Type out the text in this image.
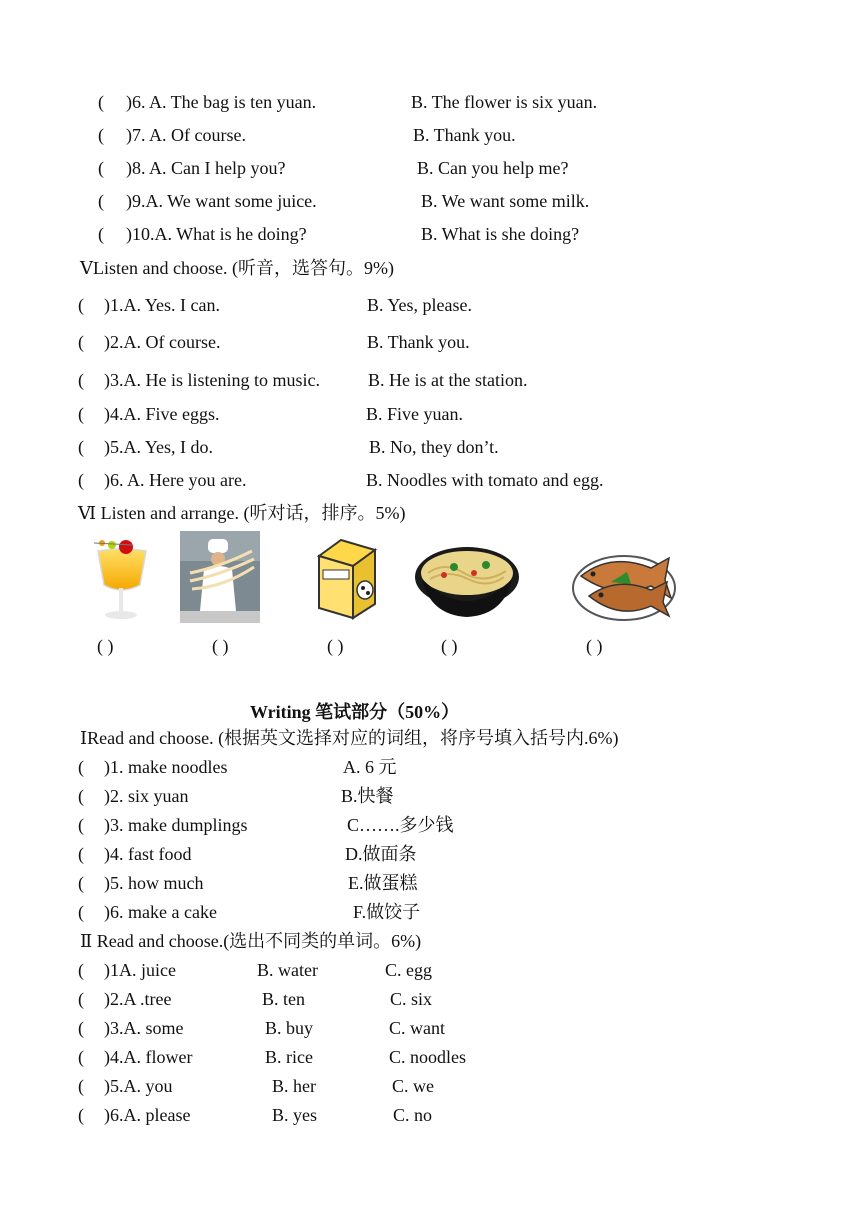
( )6. A. The bag is ten yuan.	B. The flower is six yuan.
( )7. A. Of course.	B. Thank you.
( )8. A. Can I help you?	B. Can you help me?
( )9.A. We want some juice.	B. We want some milk.
( )10.A. What is he doing?	B. What is she doing?
ⅤListen and choose. (听音，选答句。9%)
( )1.A. Yes. I can.	B. Yes, please.
( )2.A. Of course.	B. Thank you.
( )3.A. He is listening to music.	B. He is at the station.
( )4.A. Five eggs.	B. Five yuan.
( )5.A. Yes, I do.	B. No, they don’t.
( )6. A. Here you are.	B. Noodles with tomato and egg.
Ⅵ Listen and arrange. (听对话，排序。5%)
( )	( )	( )	( )	( )
Writing 笔试部分（50%）
ⅠRead and choose. (根据英文选择对应的词组，将序号填入括号内.6%)
( )1. make noodles	A. 6 元
( )2. six yuan	B.快餐
( )3. make dumplings	C…….多少钱
( )4. fast food	D.做面条
( )5. how much	E.做蛋糕
( )6. make a cake	F.做饺子
Ⅱ Read and choose.(选出不同类的单词。6%)
( )1A. juice	B. water	C. egg
( )2.A .tree	B. ten	C. six
( )3.A. some	B. buy	C. want
( )4.A. flower	B. rice	C. noodles
( )5.A. you	B. her	C. we
( )6.A. please	B. yes	C. no
